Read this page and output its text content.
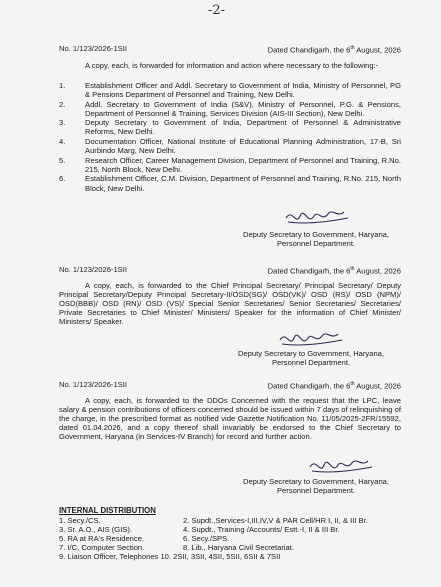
-2-
No. 1/123/2026-1SII	Dated Chandigarh, the 6th August, 2026
A copy, each, is forwarded for information and action where necessary to the following:-
1.	Establishment Officer and Addl. Secretary to Government of India, Ministry of Personnel, PG & Pensions Department of Personnel and Training, New Delhi.
2.	Addl. Secretary to Government of India (S&V), Ministry of Personnel, P.G. & Pensions, Department of Personnel & Training, Services Division (AIS-III Section), New Delhi.
3.	Deputy Secretary to Government of India, Department of Personnel & Administrative Reforms, New Delhi.
4.	Documentation Officer, National Institute of Educational Planning Administration, 17-B, Sri Aurbindo Marg, New Delhi.
5.	Research Officer, Career Management Division, Department of Personnel and Training, R.No. 215, North Block, New Delhi.
6.	Establishment Officer, C.M. Division, Department of Personnel and Training, R.No. 215, North Block, New Delhi.
Deputy Secretary to Government, Haryana,
Personnel Department.
No. 1/123/2026-1SII	Dated Chandigarh, the 6th August, 2026
A copy, each, is forwarded to the Chief Principal Secretary/ Principal Secretary/ Deputy Principal Secretary/Deputy Principal Secretary-II/OSD(SG)/ OSD(VK)/ OSD (RS)/ OSD (NPM)/ OSD(BBB)/ OSD (RN)/ OSD (VS)/ Special Senior Secretaries/ Senior Secretaries/ Secretaries/ Private Secretaries to Chief Minister/ Ministers/ Speaker for the information of Chief Minister/ Ministers/ Speaker.
Deputy Secretary to Government, Haryana,
Personnel Department.
No. 1/123/2026-1SII	Dated Chandigarh, the 6th August, 2026
A copy, each, is forwarded to the DDOs Concerned with the request that the LPC, leave salary & pension contributions of officers concerned should be issued within 7 days of relinquishing of the charge, in the prescribed format as notified vide Gazette Notification No. 11/05/2025-2FR/15592, dated 01.04.2026, and a copy thereof shall invariably be endorsed to the Chief Secretary to Government, Haryana (in Services-IV Branch) for record and further action.
Deputy Secretary to Government, Haryana,
Personnel Department.
INTERNAL DISTRIBUTION
1. Secy./CS.	2. Supdt.,Services-I,III,IV,V & PAR Cell/HR I, II, & III Br.
3. Sr. A.O., AIS (GIS).	4. Supdt., Training /Accounts/ Estt.-I, II & III Br.
5. RA at RA's Residence.	6. Secy./SPS.
7. I/C, Computer Section.	8. Lib., Haryana Civil Secretariat.
9. Liaison Officer, Telephones 10. 2SII, 3SII, 4SII, 5SII, 6SII & 7SII	
